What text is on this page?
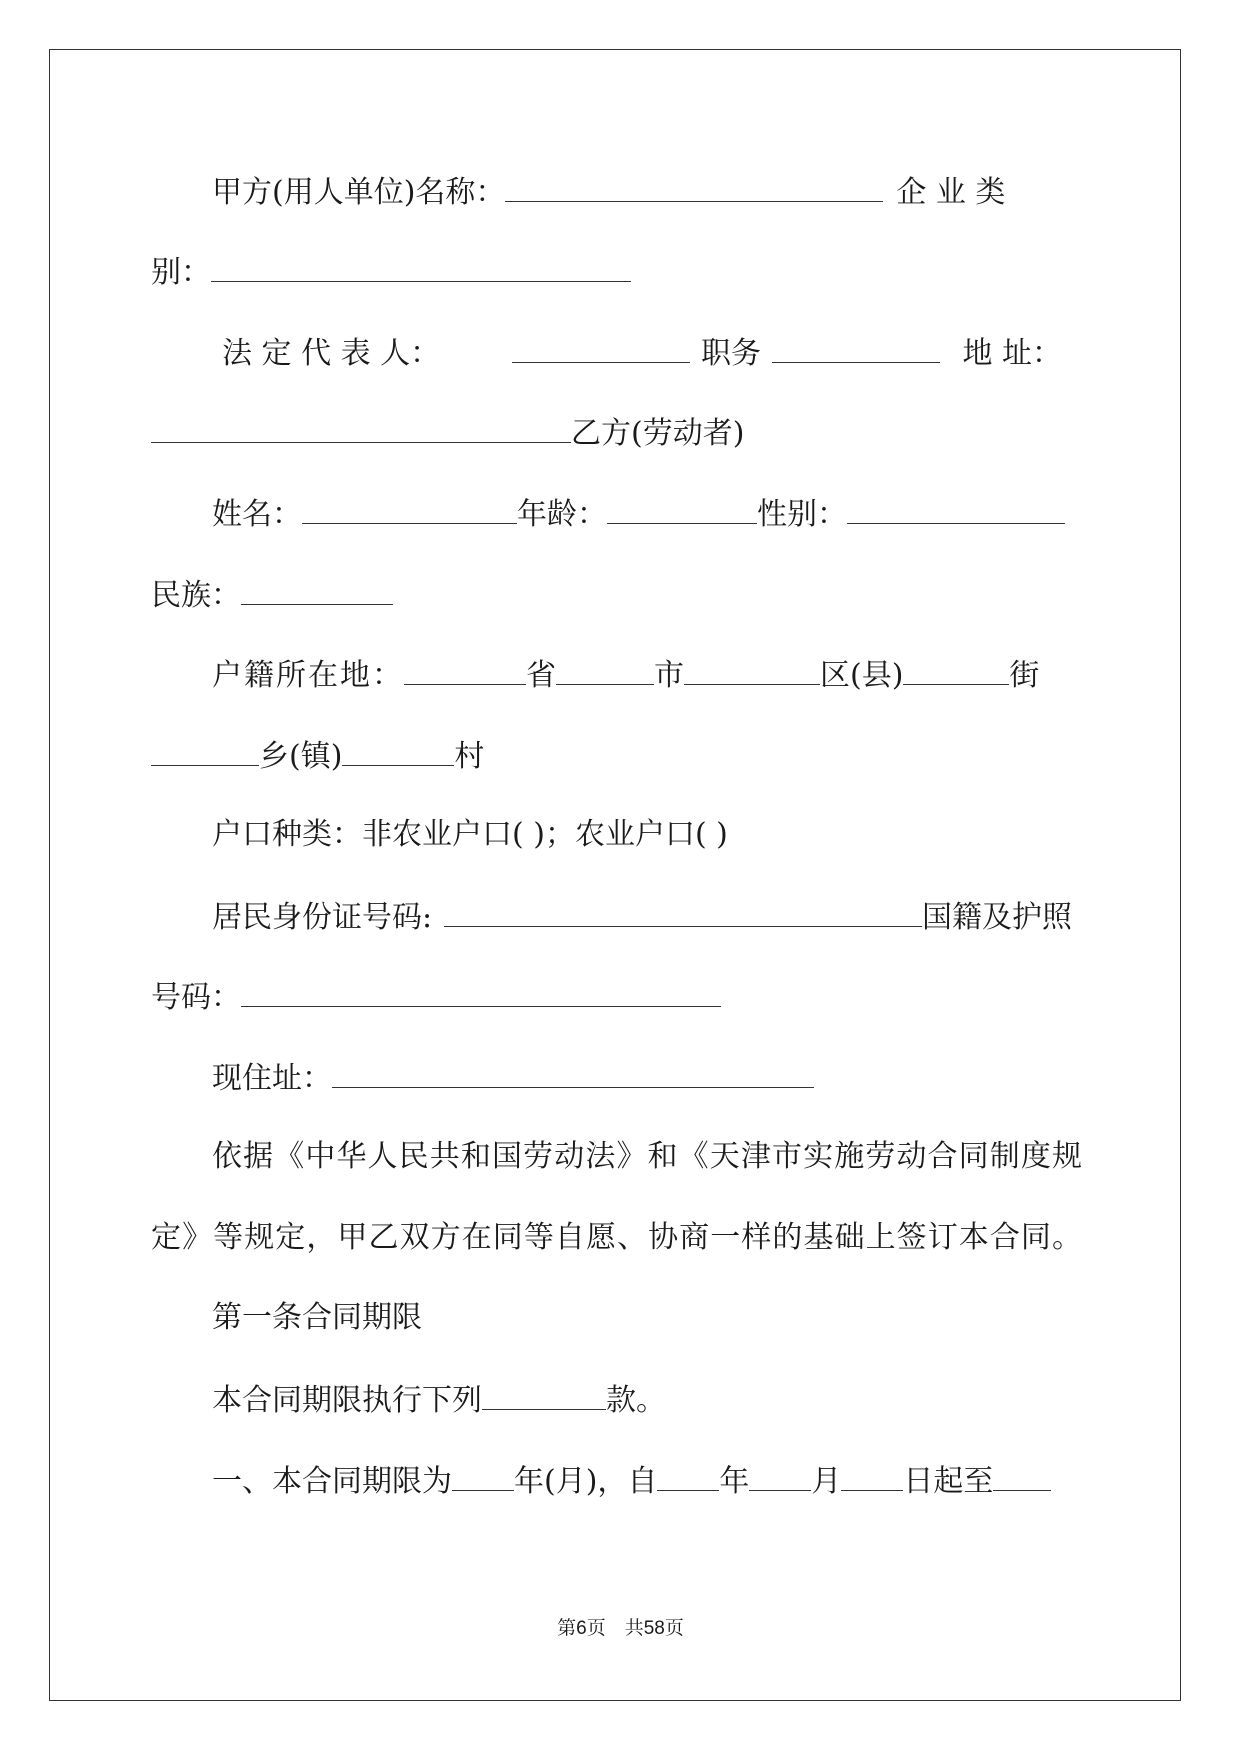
甲方(用人单位)名称：	企 业 类
别：
法 定 代 表 人：	职务	地 址：
乙方(劳动者)
姓名：	年龄：	性别：
民族：
户籍所在地：	省	市	区(县)	街
乡(镇)	村
户口种类：非农业户口( )；农业户口( )
居民身份证号码:	国籍及护照
号码：
现住址：
依据《中华人民共和国劳动法》和《天津市实施劳动合同制度规
定》等规定，甲乙双方在同等自愿、协商一样的基础上签订本合同。
第一条合同期限
本合同期限执行下列	款。
一、本合同期限为 年(月)，自 年 月 日起至
第6页　共58页
